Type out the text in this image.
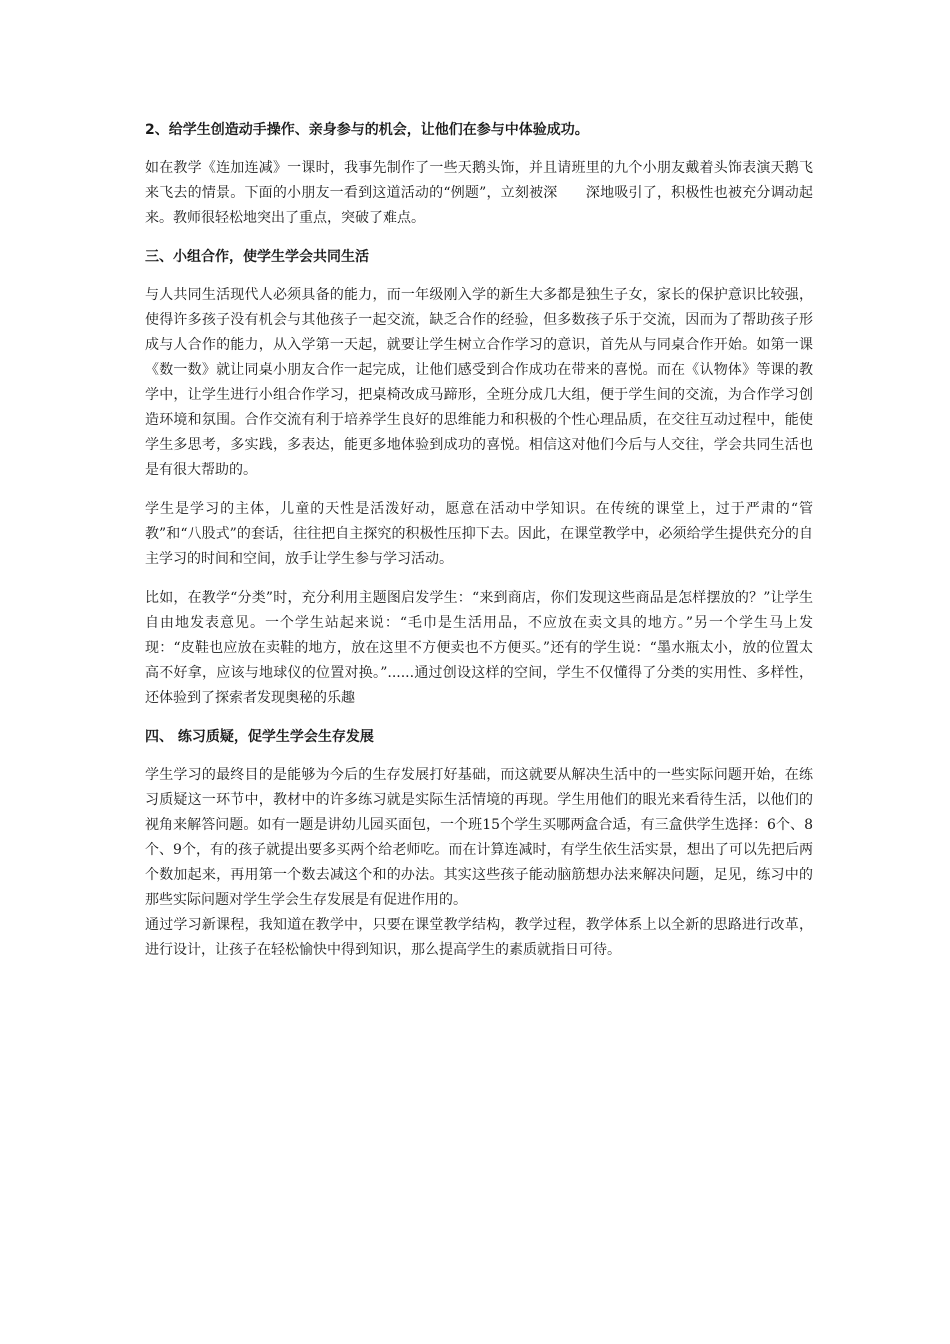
2、给学生创造动手操作、亲身参与的机会，让他们在参与中体验成功。
如在教学《连加连减》一课时，我事先制作了一些天鹅头饰，并且请班里的九个小朋友戴着头饰表演天鹅飞来飞去的情景。下面的小朋友一看到这道活动的“例题”，立刻被深　　深地吸引了，积极性也被充分调动起来。教师很轻松地突出了重点，突破了难点。
三、小组合作，使学生学会共同生活
与人共同生活现代人必须具备的能力，而一年级刚入学的新生大多都是独生子女，家长的保护意识比较强，使得许多孩子没有机会与其他孩子一起交流，缺乏合作的经验，但多数孩子乐于交流，因而为了帮助孩子形成与人合作的能力，从入学第一天起，就要让学生树立合作学习的意识，首先从与同桌合作开始。如第一课《数一数》就让同桌小朋友合作一起完成，让他们感受到合作成功在带来的喜悦。而在《认物体》等课的教学中，让学生进行小组合作学习，把桌椅改成马蹄形，全班分成几大组，便于学生间的交流，为合作学习创造环境和氛围。合作交流有利于培养学生良好的思维能力和积极的个性心理品质，在交往互动过程中，能使学生多思考，多实践，多表达，能更多地体验到成功的喜悦。相信这对他们今后与人交往，学会共同生活也是有很大帮助的。
学生是学习的主体，儿童的天性是活泼好动，愿意在活动中学知识。在传统的课堂上，过于严肃的“管教”和“八股式”的套话，往往把自主探究的积极性压抑下去。因此，在课堂教学中，必须给学生提供充分的自主学习的时间和空间，放手让学生参与学习活动。
比如，在教学“分类”时，充分利用主题图启发学生：“来到商店，你们发现这些商品是怎样摆放的？”让学生自由地发表意见。一个学生站起来说：“毛巾是生活用品，不应放在卖文具的地方。”另一个学生马上发现：“皮鞋也应放在卖鞋的地方，放在这里不方便卖也不方便买。”还有的学生说：“墨水瓶太小，放的位置太高不好拿，应该与地球仪的位置对换。”......通过创设这样的空间，学生不仅懂得了分类的实用性、多样性，还体验到了探索者发现奥秘的乐趣
四、 练习质疑，促学生学会生存发展
学生学习的最终目的是能够为今后的生存发展打好基础，而这就要从解决生活中的一些实际问题开始，在练习质疑这一环节中，教材中的许多练习就是实际生活情境的再现。学生用他们的眼光来看待生活，以他们的视角来解答问题。如有一题是讲幼儿园买面包，一个班15个学生买哪两盒合适，有三盒供学生选择：6个、8个、9个，有的孩子就提出要多买两个给老师吃。而在计算连减时，有学生依生活实景，想出了可以先把后两个数加起来，再用第一个数去减这个和的办法。其实这些孩子能动脑筋想办法来解决问题，足见，练习中的那些实际问题对学生学会生存发展是有促进作用的。
通过学习新课程，我知道在教学中，只要在课堂教学结构，教学过程，教学体系上以全新的思路进行改革，进行设计，让孩子在轻松愉快中得到知识，那么提高学生的素质就指日可待。
